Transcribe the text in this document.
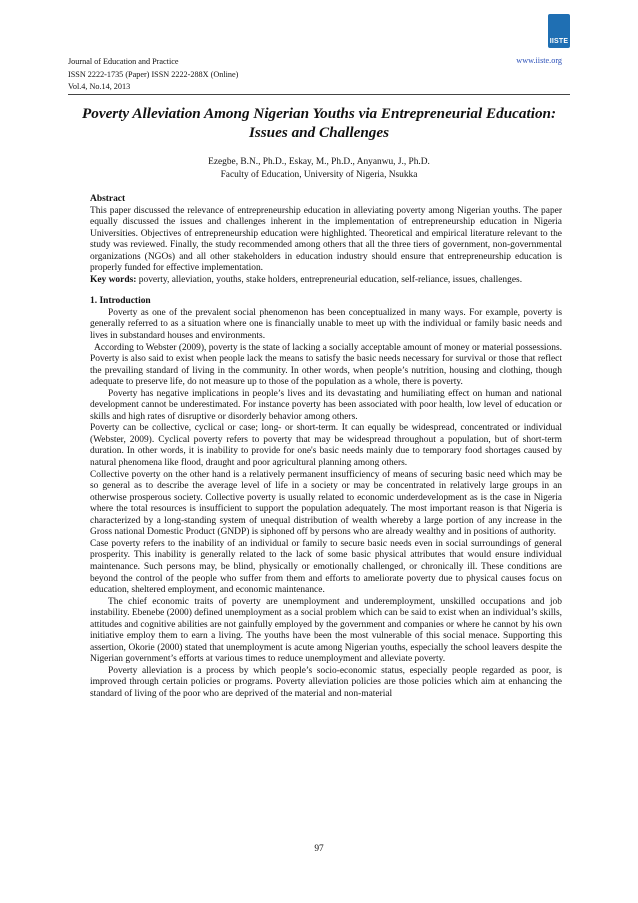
Journal of Education and Practice
ISSN 2222-1735 (Paper) ISSN 2222-288X (Online)
Vol.4, No.14, 2013
www.iiste.org
IISTE
Poverty Alleviation Among Nigerian Youths via Entrepreneurial Education: Issues and Challenges
Ezegbe, B.N., Ph.D., Eskay, M., Ph.D., Anyanwu, J., Ph.D.
Faculty of Education, University of Nigeria, Nsukka

Abstract

This paper discussed the relevance of entrepreneurship education in alleviating poverty among Nigerian youths. The paper equally discussed the issues and challenges inherent in the implementation of entrepreneurship education in Nigeria Universities. Objectives of entrepreneurship education were highlighted. Theoretical and empirical literature relevant to the study was reviewed. Finally, the study recommended among others that all the three tiers of government, non-governmental organizations (NGOs) and all other stakeholders in education industry should ensure that entrepreneurship education is properly funded for effective implementation.

Key words: poverty, alleviation, youths, stake holders, entrepreneurial education, self-reliance, issues, challenges.

1. Introduction

Poverty as one of the prevalent social phenomenon has been conceptualized in many ways. For example, poverty is generally referred to as a situation where one is financially unable to meet up with the individual or family basic needs and lives in substandard houses and environments.

According to Webster (2009), poverty is the state of lacking a socially acceptable amount of money or material possessions. Poverty is also said to exist when people lack the means to satisfy the basic needs necessary for survival or those that reflect the prevailing standard of living in the community. In other words, when people’s nutrition, housing and clothing, though adequate to preserve life, do not measure up to those of the population as a whole, there is poverty.

Poverty has negative implications in people’s lives and its devastating and humiliating effect on human and national development cannot be underestimated. For instance poverty has been associated with poor health, low level of education or skills and high rates of disruptive or disorderly behavior among others.

Poverty can be collective, cyclical or case; long- or short-term. It can equally be widespread, concentrated or individual (Webster, 2009). Cyclical poverty refers to poverty that may be widespread throughout a population, but of short-term duration. In other words, it is inability to provide for one's basic needs mainly due to temporary food shortages caused by natural phenomena like flood, draught and poor agricultural planning among others.

Collective poverty on the other hand is a relatively permanent insufficiency of means of securing basic need which may be so general as to describe the average level of life in a society or may be concentrated in relatively large groups in an otherwise prosperous society. Collective poverty is usually related to economic underdevelopment as is the case in Nigeria where the total resources is insufficient to support the population adequately. The most important reason is that Nigeria is characterized by a long-standing system of unequal distribution of wealth whereby a large portion of any increase in the Gross national Domestic Product (GNDP) is siphoned off by persons who are already wealthy and in positions of authority.

Case poverty refers to the inability of an individual or family to secure basic needs even in social surroundings of general prosperity. This inability is generally related to the lack of some basic physical attributes that would ensure individual maintenance. Such persons may, be blind, physically or emotionally challenged, or chronically ill. These conditions are beyond the control of the people who suffer from them and efforts to ameliorate poverty due to physical causes focus on education, sheltered employment, and economic maintenance.

The chief economic traits of poverty are unemployment and underemployment, unskilled occupations and job instability. Ebenebe (2000) defined unemployment as a social problem which can be said to exist when an individual’s skills, attitudes and cognitive abilities are not gainfully employed by the government and companies or where he cannot by his own initiative employ them to earn a living. The youths have been the most vulnerable of this social menace. Supporting this assertion, Okorie (2000) stated that unemployment is acute among Nigerian youths, especially the school leavers despite the Nigerian government’s efforts at various times to reduce unemployment and alleviate poverty.

Poverty alleviation is a process by which people’s socio-economic status, especially people regarded as poor, is improved through certain policies or programs. Poverty alleviation policies are those policies which aim at enhancing the standard of living of the poor who are deprived of the material and non-material

97
